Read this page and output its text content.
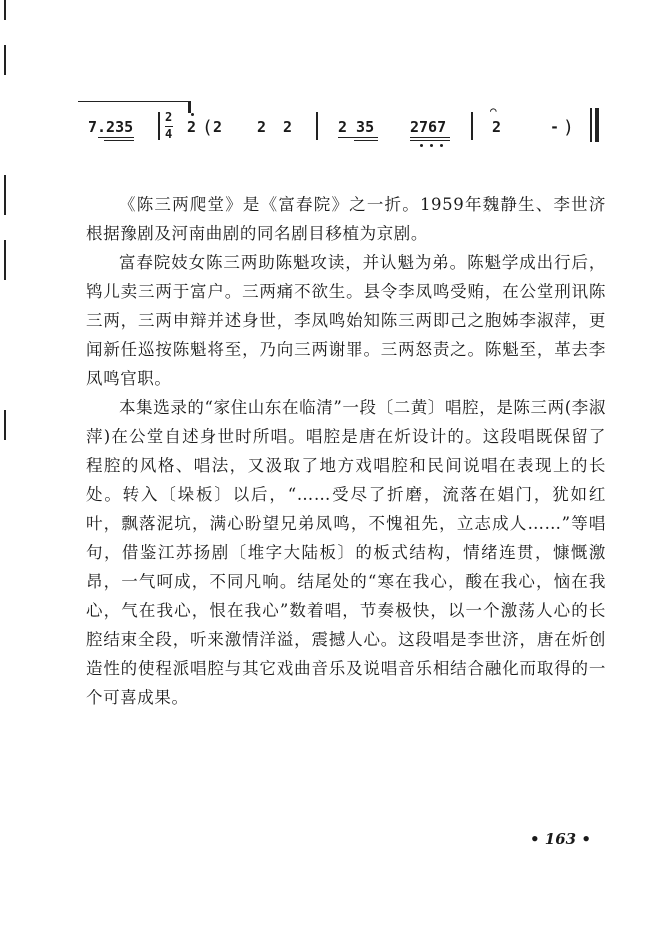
7.235
2
4 2 ( 2 2 2	2 35 2767
⌒
2	- )

《陈三两爬堂》是《富春院》之一折。1959年魏静生、李世济根据豫剧及河南曲剧的同名剧目移植为京剧。

富春院妓女陈三两助陈魁攻读，并认魁为弟。陈魁学成出行后，鸨儿卖三两于富户。三两痛不欲生。县令李凤鸣受贿，在公堂刑讯陈三两，三两申辩并述身世，李凤鸣始知陈三两即己之胞姊李淑萍，更闻新任巡按陈魁将至，乃向三两谢罪。三两怒责之。陈魁至，革去李凤鸣官职。

本集选录的“家住山东在临清”一段〔二黄〕唱腔，是陈三两(李淑萍)在公堂自述身世时所唱。唱腔是唐在炘设计的。这段唱既保留了程腔的风格、唱法，又汲取了地方戏唱腔和民间说唱在表现上的长处。转入〔垛板〕以后，“……受尽了折磨，流落在娼门，犹如红叶，飘落泥坑，满心盼望兄弟凤鸣，不愧祖先，立志成人……”等唱句，借鉴江苏扬剧〔堆字大陆板〕的板式结构，情绪连贯，慷慨激昂，一气呵成，不同凡响。结尾处的“寒在我心，酸在我心，恼在我心，气在我心，恨在我心”数着唱，节奏极快，以一个激荡人心的长腔结束全段，听来激情洋溢，震撼人心。这段唱是李世济，唐在炘创造性的使程派唱腔与其它戏曲音乐及说唱音乐相结合融化而取得的一个可喜成果。

• 163 •
